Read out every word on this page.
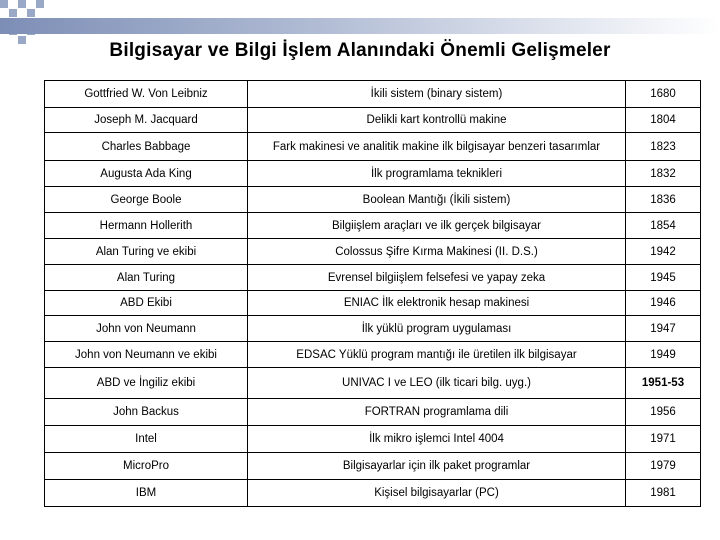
Bilgisayar ve Bilgi İşlem Alanındaki Önemli Gelişmeler
Gottfried W. Von Leibniz	İkili sistem (binary sistem)	1680
Joseph M. Jacquard	Delikli kart kontrollü makine	1804
Charles Babbage	Fark makinesi ve analitik makine ilk bilgisayar benzeri tasarımlar	1823
Augusta Ada King	İlk programlama teknikleri	1832
George Boole	Boolean Mantığı (İkili sistem)	1836
Hermann Hollerith	Bilgiişlem araçları ve ilk gerçek bilgisayar	1854
Alan Turing ve ekibi	Colossus Şifre Kırma Makinesi (II. D.S.)	1942
Alan Turing	Evrensel bilgiişlem felsefesi ve yapay zeka	1945
ABD Ekibi	ENIAC İlk elektronik hesap makinesi	1946
John von Neumann	İlk yüklü program uygulaması	1947
John von Neumann ve ekibi	EDSAC Yüklü program mantığı ile üretilen ilk bilgisayar	1949
ABD ve İngiliz ekibi	UNIVAC I ve LEO (ilk ticari bilg. uyg.)	1951-53
John Backus	FORTRAN programlama dili	1956
Intel	İlk mikro işlemci Intel 4004	1971
MicroPro	Bilgisayarlar için ilk paket programlar	1979
IBM	Kişisel bilgisayarlar (PC)	1981
